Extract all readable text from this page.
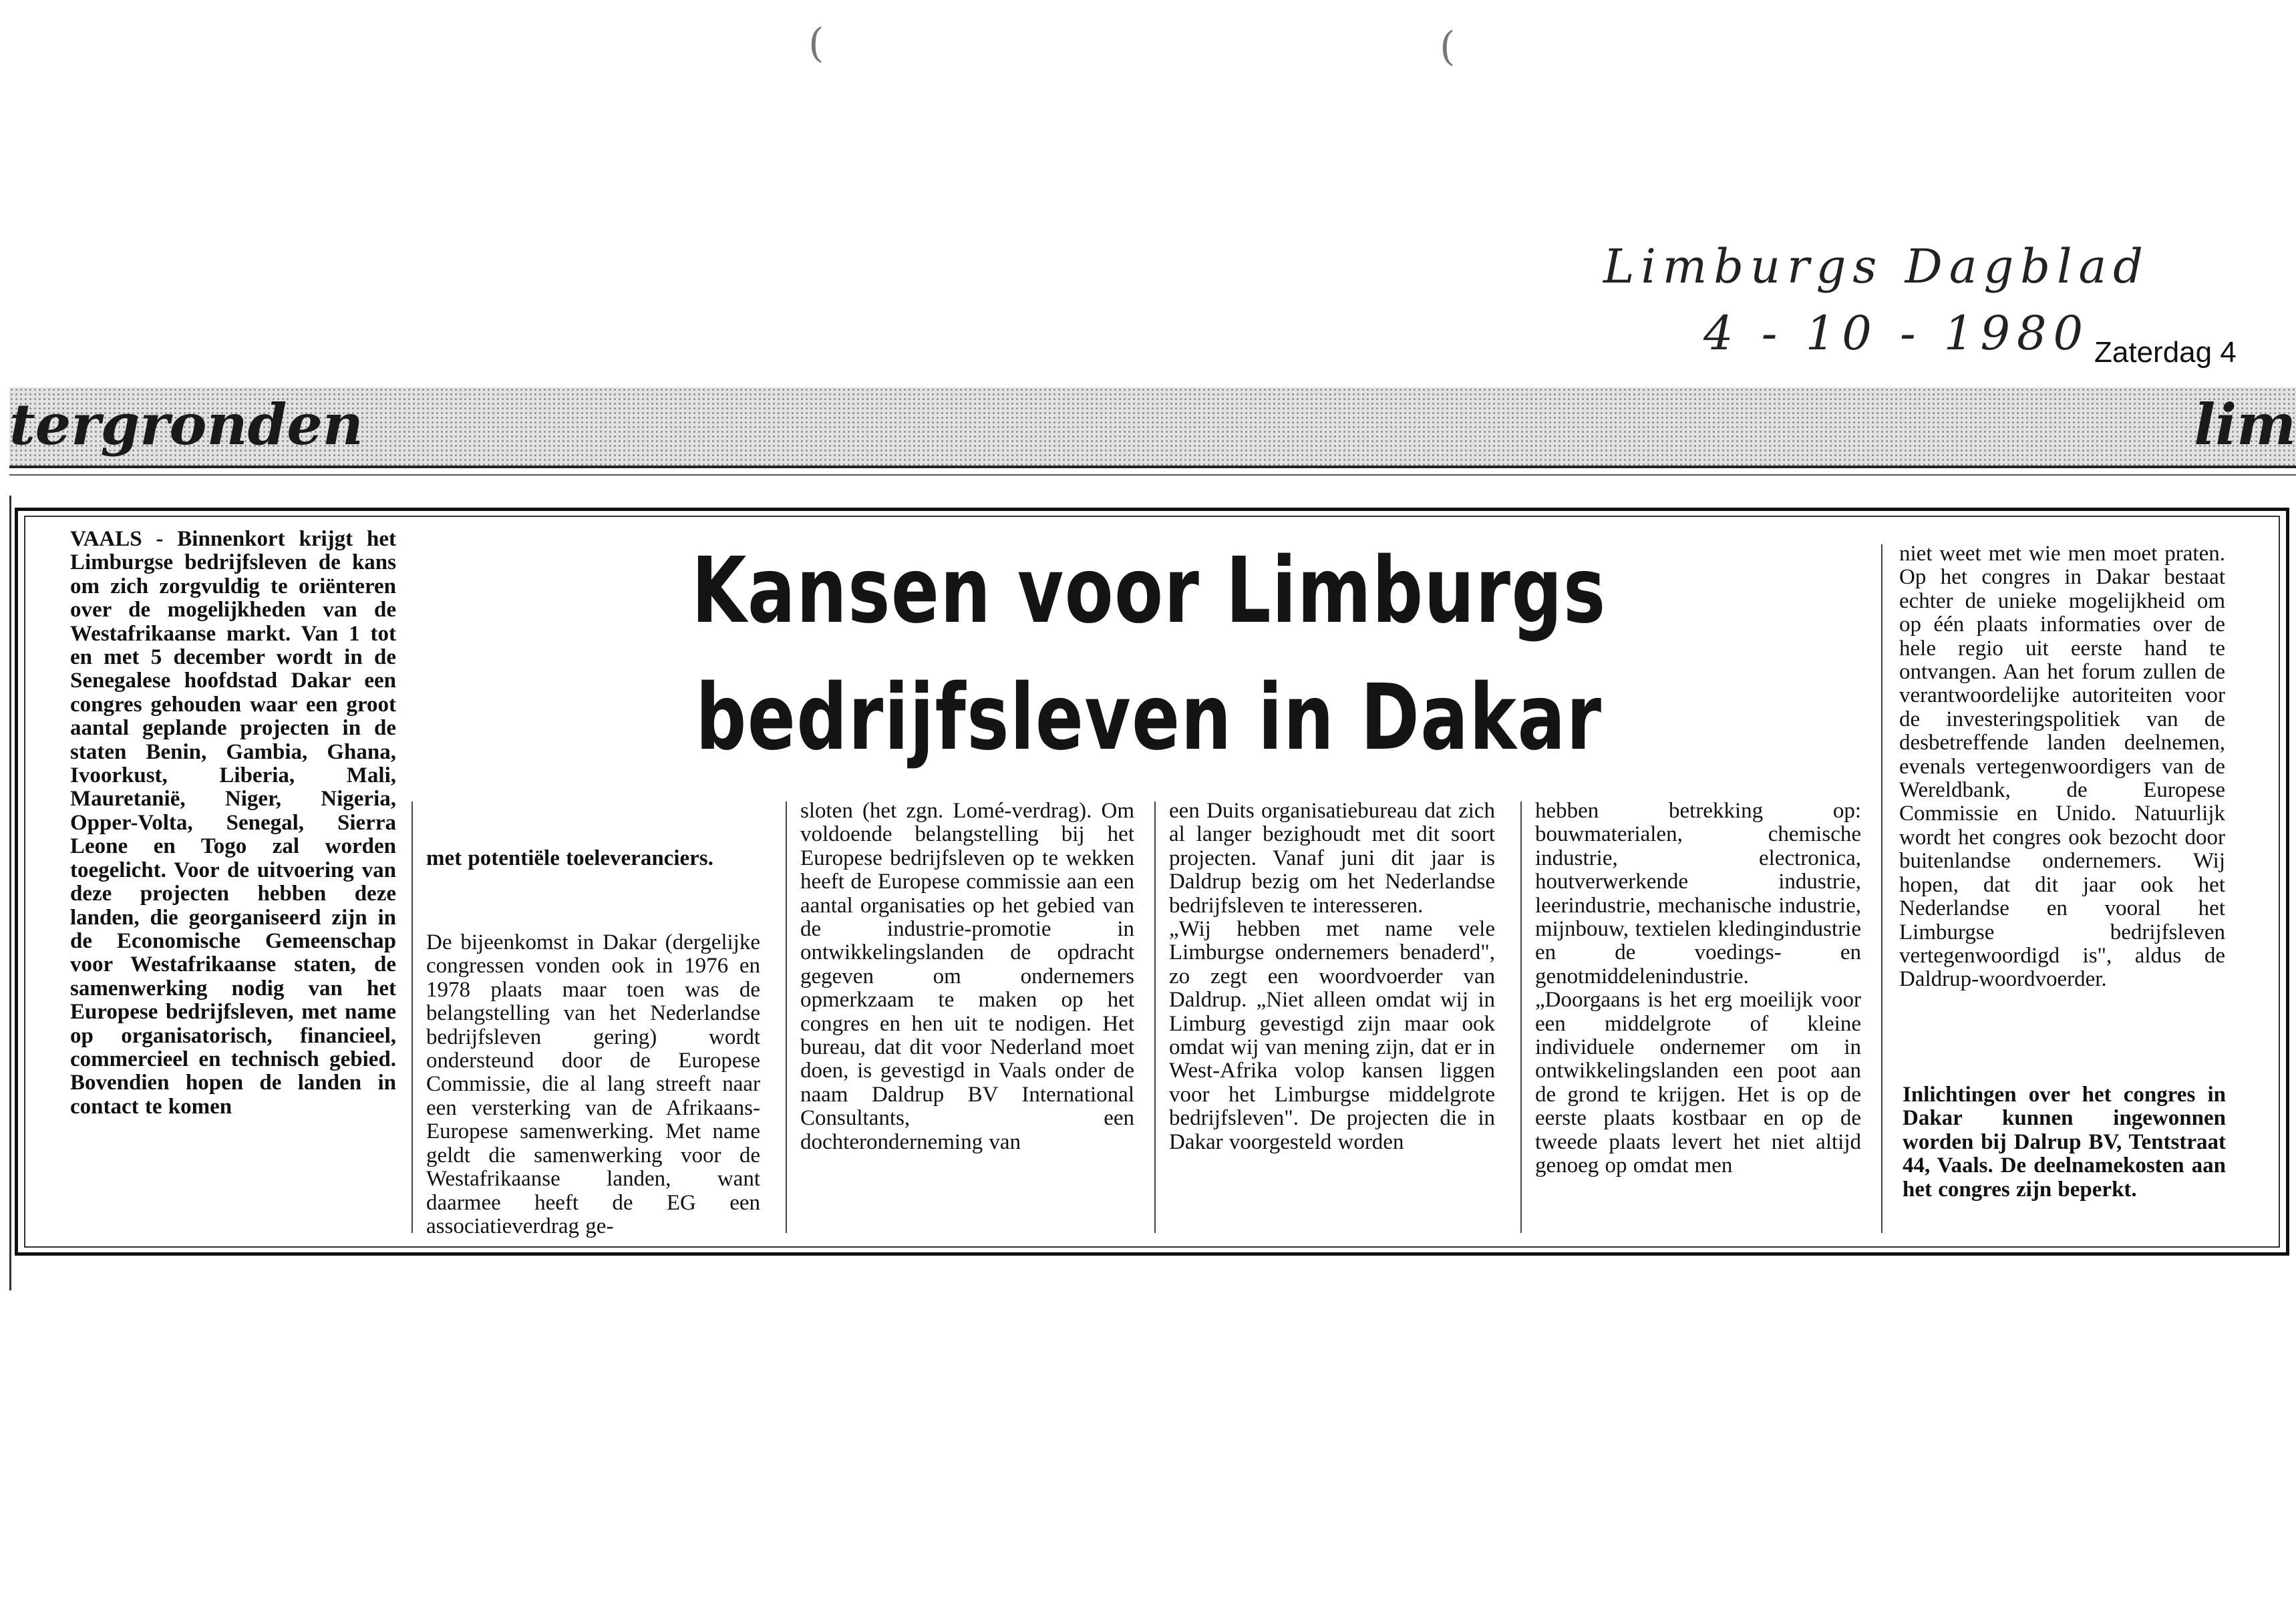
(	(
Limburgs Dagblad
4 - 10 - 1980 Zaterdag 4
tergronden	lim
Kansen voor Limburgs
bedrijfsleven in Dakar

VAALS - Binnenkort krijgt het Limburgse bedrijfsleven de kans om zich zorgvuldig te oriënteren over de mogelijkheden van de Westafrikaanse markt. Van 1 tot en met 5 december wordt in de Senegalese hoofdstad Dakar een congres gehouden waar een groot aantal geplande projecten in de staten Benin, Gambia, Ghana, Ivoorkust, Liberia, Mali, Mauretanië, Niger, Nigeria, Opper-Volta, Senegal, Sierra Leone en Togo zal worden toegelicht. Voor de uitvoering van deze projecten hebben deze landen, die georganiseerd zijn in de Economische Gemeenschap voor Westafrikaanse staten, de samenwerking nodig van het Europese bedrijfsleven, met name op organisatorisch, financieel, commercieel en technisch gebied. Bovendien hopen de landen in contact te komen

met potentiële toeleveranciers.

De bijeenkomst in Dakar (dergelijke congressen vonden ook in 1976 en 1978 plaats maar toen was de belangstelling van het Nederlandse bedrijfsleven gering) wordt ondersteund door de Europese Commissie, die al lang streeft naar een versterking van de Afrikaans-Europese samenwerking. Met name geldt die samenwerking voor de Westafrikaanse landen, want daarmee heeft de EG een associatieverdrag ge-

sloten (het zgn. Lomé-verdrag). Om voldoende belangstelling bij het Europese bedrijfsleven op te wekken heeft de Europese commissie aan een aantal organisaties op het gebied van de industrie-promotie in ontwikkelingslanden de opdracht gegeven om ondernemers opmerkzaam te maken op het congres en hen uit te nodigen. Het bureau, dat dit voor Nederland moet doen, is gevestigd in Vaals onder de naam Daldrup BV International Consultants, een dochteronderneming van

een Duits organisatiebureau dat zich al langer bezighoudt met dit soort projecten. Vanaf juni dit jaar is Daldrup bezig om het Nederlandse bedrijfsleven te interesseren.
„Wij hebben met name vele Limburgse ondernemers benaderd", zo zegt een woordvoerder van Daldrup. „Niet alleen omdat wij in Limburg gevestigd zijn maar ook omdat wij van mening zijn, dat er in West-Afrika volop kansen liggen voor het Limburgse middelgrote bedrijfsleven". De projecten die in Dakar voorgesteld worden

hebben betrekking op: bouwmaterialen, chemische industrie, electronica, houtverwerkende industrie, leerindustrie, mechanische industrie, mijnbouw, textielen kledingindustrie en de voedings- en genotmiddelenindustrie.
„Doorgaans is het erg moeilijk voor een middelgrote of kleine individuele ondernemer om in ontwikkelingslanden een poot aan de grond te krijgen. Het is op de eerste plaats kostbaar en op de tweede plaats levert het niet altijd genoeg op omdat men

niet weet met wie men moet praten. Op het congres in Dakar bestaat echter de unieke mogelijkheid om op één plaats informaties over de hele regio uit eerste hand te ontvangen. Aan het forum zullen de verantwoordelijke autoriteiten voor de investeringspolitiek van de desbetreffende landen deelnemen, evenals vertegenwoordigers van de Wereldbank, de Europese Commissie en Unido. Natuurlijk wordt het congres ook bezocht door buitenlandse ondernemers. Wij hopen, dat dit jaar ook het Nederlandse en vooral het Limburgse bedrijfsleven vertegenwoordigd is", aldus de Daldrup-woordvoerder.

Inlichtingen over het congres in Dakar kunnen ingewonnen worden bij Dalrup BV, Tentstraat 44, Vaals. De deelnamekosten aan het congres zijn beperkt.
